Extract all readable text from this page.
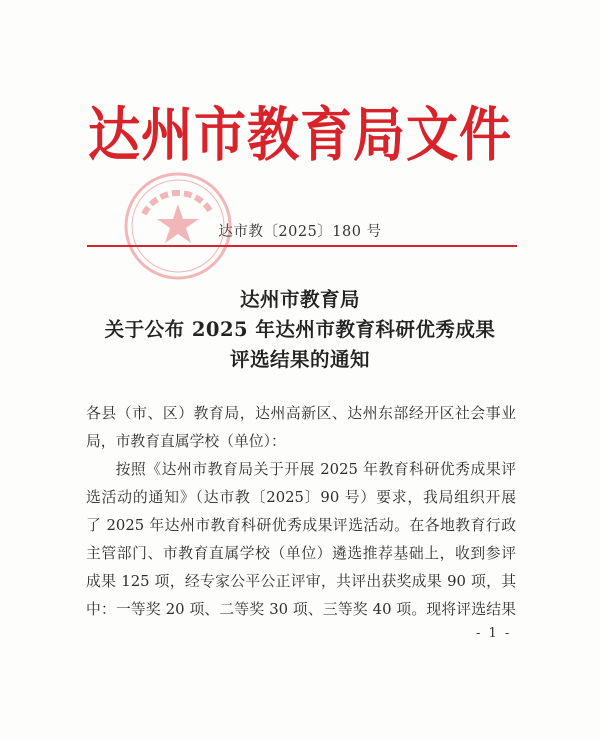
达州市教育局文件
达市教〔2025〕180 号
达州市教育局
关于公布 2025 年达州市教育科研优秀成果
评选结果的通知
各县（市、区）教育局，达州高新区、达州东部经开区社会事业
局，市教育直属学校（单位）：
按照《达州市教育局关于开展 2025 年教育科研优秀成果评
选活动的通知》（达市教〔2025〕90 号）要求，我局组织开展
了 2025 年达州市教育科研优秀成果评选活动。在各地教育行政
主管部门、市教育直属学校（单位）遴选推荐基础上，收到参评
成果 125 项，经专家公平公正评审，共评出获奖成果 90 项，其
中：一等奖 20 项、二等奖 30 项、三等奖 40 项。现将评选结果
- 1 -
